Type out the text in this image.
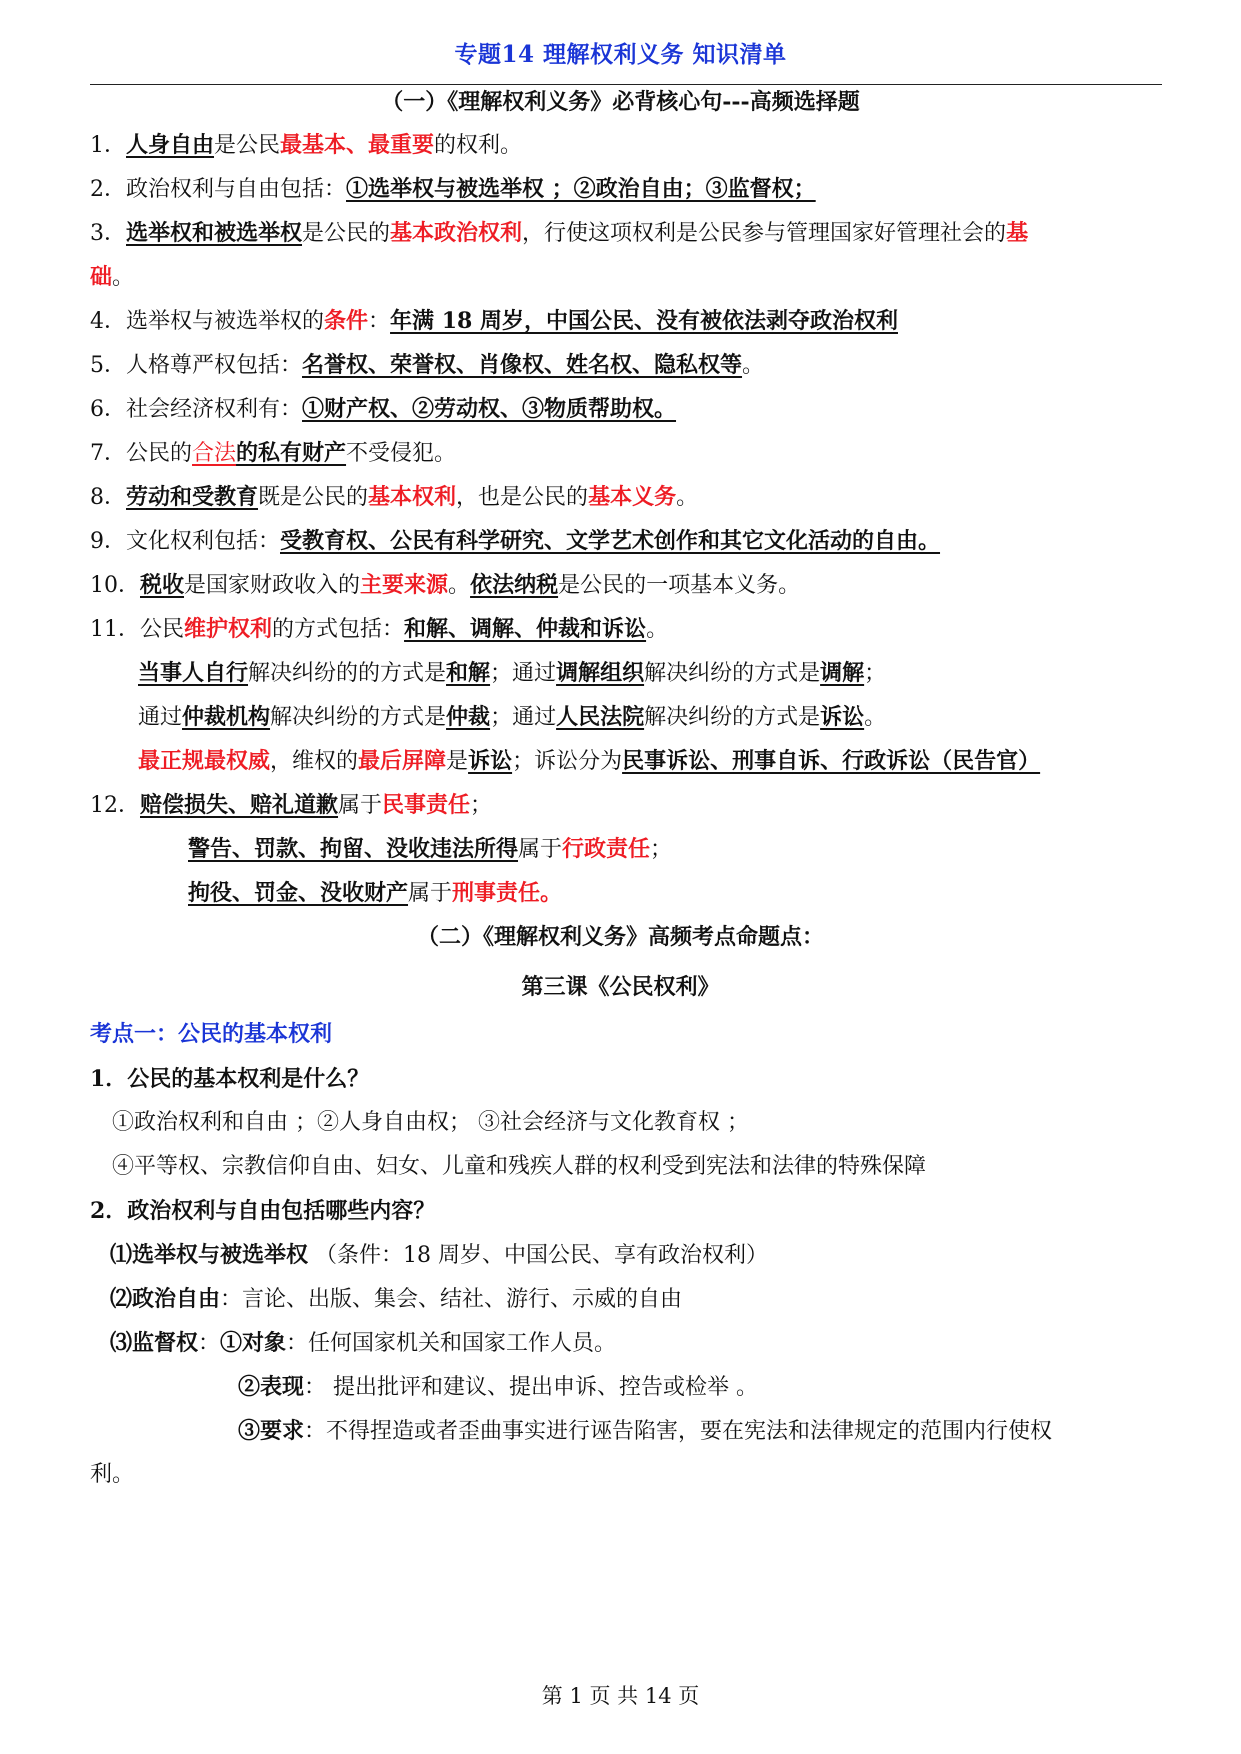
专题14 理解权利义务 知识清单
（一）《理解权利义务》必背核心句---高频选择题
1．人身自由是公民最基本、最重要的权利。
2．政治权利与自由包括：①选举权与被选举权 ；②政治自由；③监督权；
3．选举权和被选举权是公民的基本政治权利，行使这项权利是公民参与管理国家好管理社会的基
础。
4．选举权与被选举权的条件：年满 18 周岁，中国公民、没有被依法剥夺政治权利
5．人格尊严权包括：名誉权、荣誉权、肖像权、姓名权、隐私权等。
6．社会经济权利有：①财产权、②劳动权、③物质帮助权。
7．公民的合法的私有财产不受侵犯。
8．劳动和受教育既是公民的基本权利，也是公民的基本义务。
9．文化权利包括：受教育权、公民有科学研究、文学艺术创作和其它文化活动的自由。
10．税收是国家财政收入的主要来源。依法纳税是公民的一项基本义务。
11．公民维护权利的方式包括：和解、调解、仲裁和诉讼。
当事人自行解决纠纷的的方式是和解；通过调解组织解决纠纷的方式是调解；
通过仲裁机构解决纠纷的方式是仲裁；通过人民法院解决纠纷的方式是诉讼。
最正规最权威，维权的最后屏障是诉讼；诉讼分为民事诉讼、刑事自诉、行政诉讼（民告官）
12．赔偿损失、赔礼道歉属于民事责任；
警告、罚款、拘留、没收违法所得属于行政责任；
拘役、罚金、没收财产属于刑事责任。
（二）《理解权利义务》高频考点命题点：
第三课《公民权利》
考点一：公民的基本权利
1．公民的基本权利是什么？
①政治权利和自由 ；②人身自由权； ③社会经济与文化教育权 ；
④平等权、宗教信仰自由、妇女、儿童和残疾人群的权利受到宪法和法律的特殊保障
2．政治权利与自由包括哪些内容？
⑴选举权与被选举权 （条件：18 周岁、中国公民、享有政治权利）
⑵政治自由：言论、出版、集会、结社、游行、示威的自由
⑶监督权：①对象：任何国家机关和国家工作人员。
②表现： 提出批评和建议、提出申诉、控告或检举 。
③要求：不得捏造或者歪曲事实进行诬告陷害，要在宪法和法律规定的范围内行使权
利。
第 1 页 共 14 页
